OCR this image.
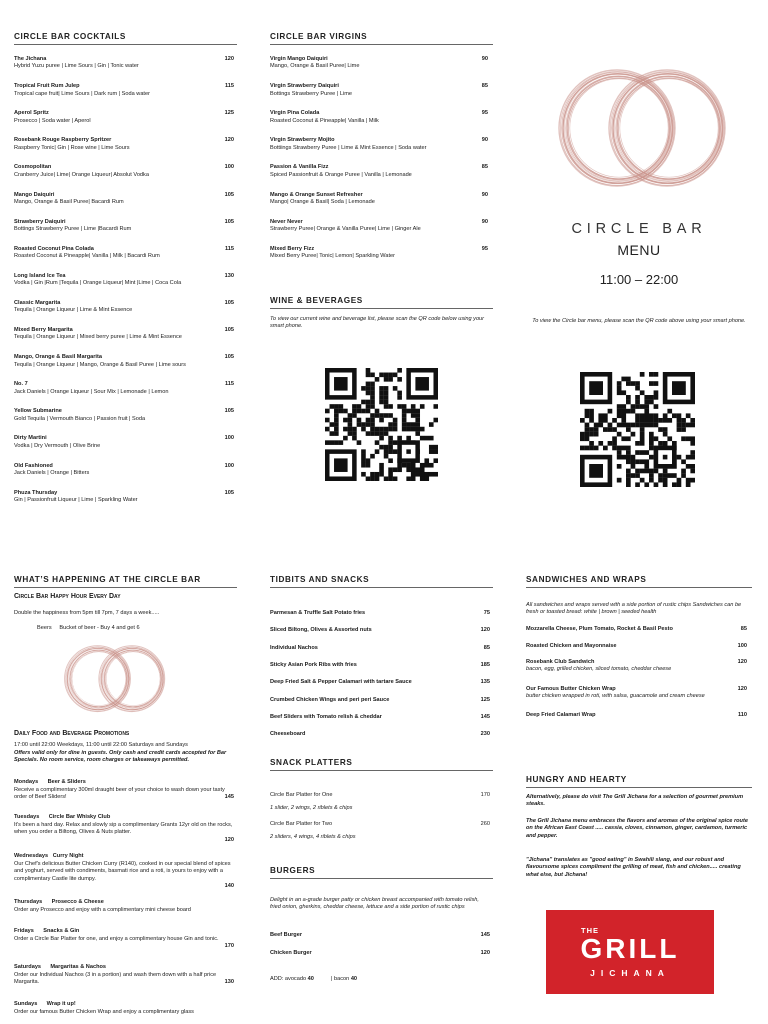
CIRCLE BAR COCKTAILS
The Jichana
Hybrid Yuzu puree | Lime Sours | Gin | Tonic water
120
Tropical Fruit Rum Julep
Tropical cape fruit| Lime Sours | Dark rum | Soda water
115
Aperol Spritz
Prosecco | Soda water | Aperol
125
Rosebank Rouge Raspberry Spritzer
Raspberry Tonic| Gin | Rose wine | Lime Sours
120
Cosmopolitan
Cranberry Juice| Lime| Orange Liqueur| Absolut Vodka
100
Mango Daiquiri
Mango, Orange & Basil Puree| Bacardi Rum
105
Strawberry Daiquiri
Bottings Strawberry Puree | Lime |Bacardi Rum
105
Roasted Coconut Pina Colada
Roasted Coconut & Pineapple| Vanilla | Milk | Bacardi Rum
115
Long Island Ice Tea
Vodka | Gin |Rum |Tequila | Orange Liqueur| Mint |Lime | Coca Cola
130
Classic Margarita
Tequila | Orange Liqueur | Lime & Mint Essence
105
Mixed Berry Margarita
Tequila | Orange Liqueur | Mixed berry puree | Lime & Mint Essence
105
Mango, Orange & Basil Margarita
Tequila | Orange Liqueur | Mango, Orange & Basil Puree | Lime sours
105
No. 7
Jack Daniels | Orange Liqueur | Sour Mix | Lemonade | Lemon
115
Yellow Submarine
Gold Tequila | Vermouth Bianco | Passion fruit | Soda
105
Dirty Martini
Vodka | Dry Vermouth | Olive Brine
100
Old Fashioned
Jack Daniels | Orange | Bitters
100
Phuza Thursday
Gin | Passionfruit Liqueur | Lime | Sparkling Water
105
CIRCLE BAR VIRGINS
Virgin Mango Daiquiri
Mango, Orange & Basil Puree| Lime
90
Virgin Strawberry Daiquiri
Bottings Strawberry Puree | Lime
85
Virgin Pina Colada
Roasted Coconut & Pineapple| Vanilla | Milk
95
Virgin Strawberry Mojito
Bottiings Strawberry Puree | Lime & Mint Essence | Soda water
90
Passion & Vanilla Fizz
Spiced Passionfruit & Orange Puree | Vanilla | Lemonade
85
Mango & Orange Sunset Refresher
Mango| Orange & Basil| Soda | Lemonade
90
Never Never
Strawberry Puree| Orange & Vanilla Puree| Lime | Ginger Ale
90
Mixed Berry Fizz
Mixed Berry Puree| Tonic| Lemon| Sparkling Water
95
WINE & BEVERAGES
To view our current wine and beverage list, please scan the QR code below using your smart phone.
CIRCLE BAR
MENU
11:00 – 22:00
To view the Circle bar menu, please scan the QR code above using your smart phone.
WHAT’S HAPPENING AT THE CIRCLE BAR
Circle Bar Happy Hour Every Day
Double the happiness from 5pm till 7pm, 7 days a week.....
Beers     Bucket of beer - Buy 4 and get 6
Daily Food and Beverage Promotions
17:00 until 22:00 Weekdays, 11:00 until 22:00 Saturdays and Sundays
Offers valid only for dine in guests. Only cash and credit cards accepted for Bar Specials. No room service, room charges or takeaways permitted.
Mondays      Beer & Sliders
Receive a complimentary 300ml draught beer of your choice to wash down your tasty order of Beef Sliders!	145
Tuesdays      Circle Bar Whisky Club
It's been a hard day. Relax and slowly sip a complimentary Grants 12yr old on the rocks, when you order a Biltong, Olives & Nuts platter.
120
Wednesdays   Curry Night
Our Chef's delicious Butter Chicken Curry (R140), cooked in our special blend of spices and yoghurt, served with condiments, basmati rice and a roti, is yours to enjoy with a complimentary Castle lite dumpy.
140
Thursdays      Prosecco & Cheese
Order any Prosecco and enjoy with a complimentary mini cheese board
Fridays      Snacks & Gin
Order a Circle Bar Platter for one, and enjoy a complimentary house Gin and tonic.
170
Saturdays      Margaritas & Nachos
Order our Individual Nachos (3 in a portion) and wash them down with a half price Margarita.	130
Sundays      Wrap it up!
Order our famous Butter Chicken Wrap and enjoy a complimentary glass
TIDBITS AND SNACKS
Parmesan & Truffle Salt Potato fries	75
Sliced Biltong, Olives & Assorted nuts	120
Individual Nachos	85
Sticky Asian Pork Ribs with fries	185
Deep Fried Salt & Pepper Calamari with tartare Sauce	135
Crumbed Chicken Wings and peri peri Sauce	125
Beef Sliders with Tomato relish & cheddar	145
Cheeseboard	230
SNACK PLATTERS
Circle Bar Platter for One
1 slider, 2 wings, 2 riblets & chips
170
Circle Bar Platter for Two
2 sliders, 4 wings, 4 riblets & chips
260
BURGERS
Delight in an a-grade burger patty or chicken breast accompanied with tomato relish, fried onion, gherkins, cheddar cheese, lettuce and a side portion of rustic chips
Beef Burger	145
Chicken Burger	120
ADD: avocado 40	| bacon 40
SANDWICHES AND WRAPS
All sandwiches and wraps served with a side portion of rustic chips Sandwiches can be fresh or toasted bread: white | brown | seeded health
Mozzarella Cheese, Plum Tomato, Rocket & Basil Pesto	85
Roasted Chicken and Mayonnaise	100
Rosebank Club Sandwich
bacon, egg, grilled chicken, sliced tomato, cheddar cheese
120
Our Famous Butter Chicken Wrap
butter chicken wrapped in roti, with salsa, guacamole and cream cheese
120
Deep Fried Calamari Wrap	110
HUNGRY AND HEARTY
Alternatively, please do visit The Grill Jichana for a selection of gourmet premium steaks.
The Grill Jichana menu embraces the flavors and aromas of the original spice route on the African East Coast ..... cassia, cloves, cinnamon, ginger, cardamon, turmeric and pepper.
"Jichana" translates as "good eating" in Swahili slang, and our robust and flavoursome spices compliment the grilling of meat, fish and chicken..... creating what else, but Jichana!
THE
GRILL
JICHANA
